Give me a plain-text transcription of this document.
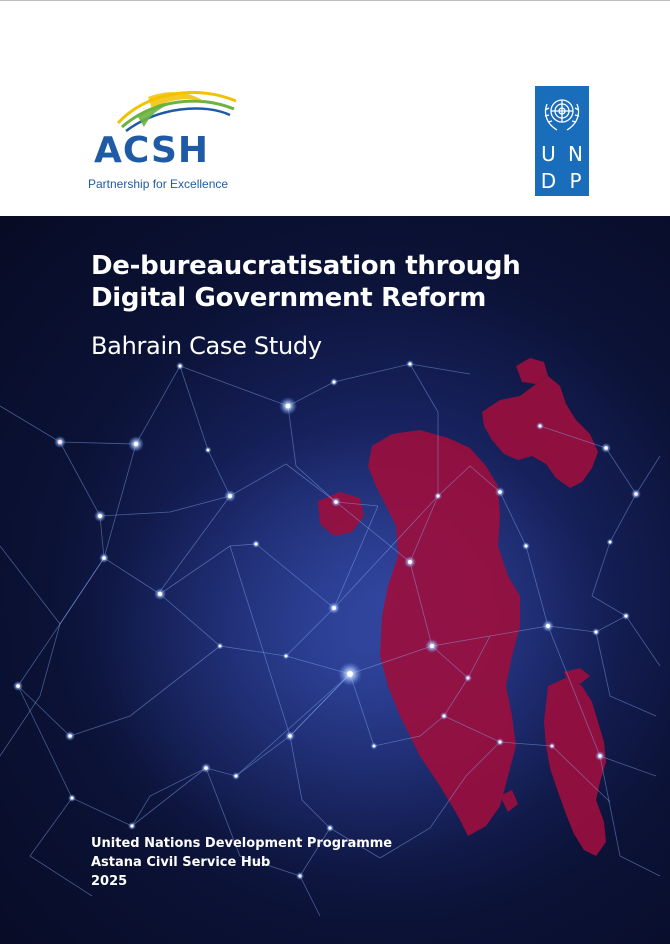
ACSH
Partnership for Excellence
U N
D P
De-bureaucratisation through
Digital Government Reform
Bahrain Case Study
United Nations Development Programme
Astana Civil Service Hub
2025
